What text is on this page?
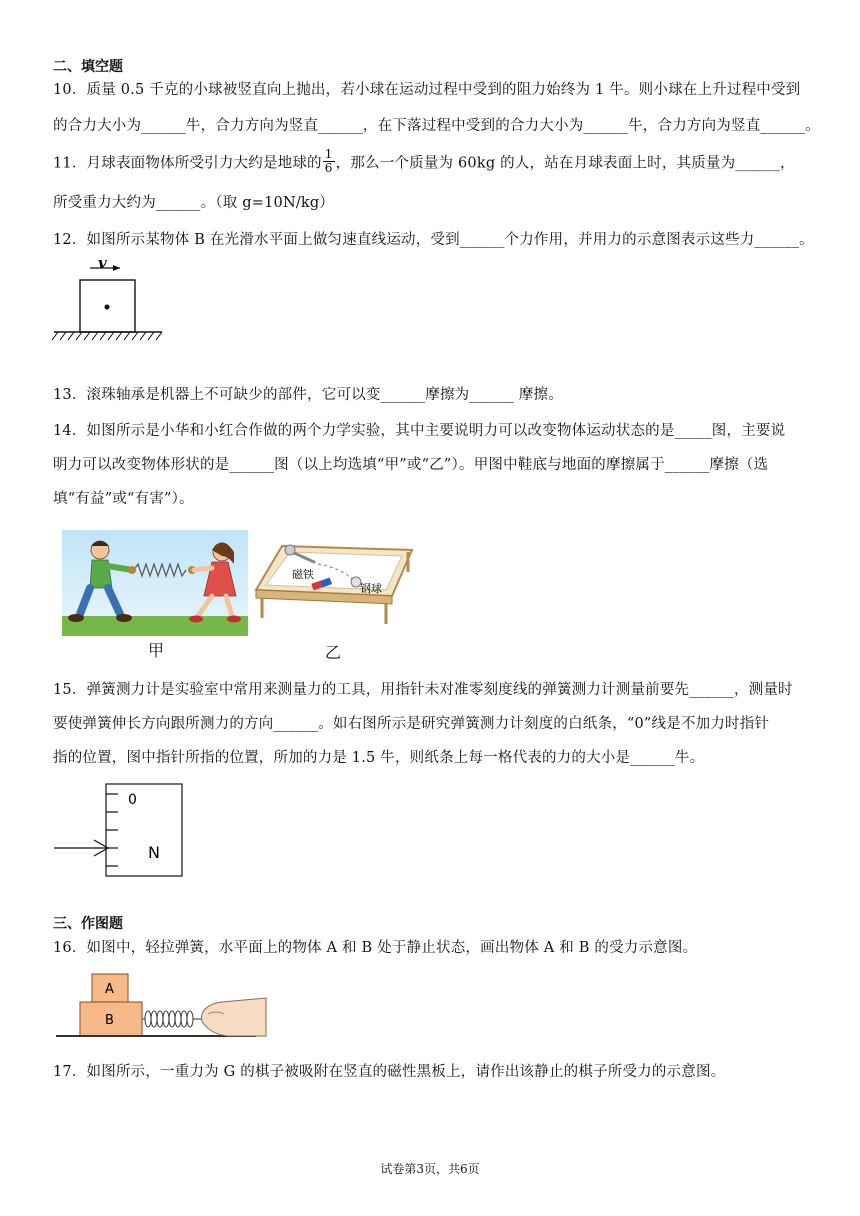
二、填空题
10．质量 0.5 千克的小球被竖直向上抛出，若小球在运动过程中受到的阻力始终为 1 牛。则小球在上升过程中受到
的合力大小为______牛，合力方向为竖直______，在下落过程中受到的合力大小为______牛，合力方向为竖直______。
11．月球表面物体所受引力大约是地球的 $\frac{1}{6}$ ，那么一个质量为 60kg 的人，站在月球表面上时，其质量为______，
所受重力大约为______。（取 g=10N/kg）
12．如图所示某物体 B 在光滑水平面上做匀速直线运动，受到______个力作用，并用力的示意图表示这些力______。
v
13．滚珠轴承是机器上不可缺少的部件，它可以变______摩擦为______ 摩擦。
14．如图所示是小华和小红合作做的两个力学实验，其中主要说明力可以改变物体运动状态的是_____图，主要说
明力可以改变物体形状的是______图（以上均选填“甲”或“乙”）。甲图中鞋底与地面的摩擦属于______摩擦（选
填“有益”或“有害”）。
甲
磁铁
钢球
乙
15．弹簧测力计是实验室中常用来测量力的工具，用指针未对准零刻度线的弹簧测力计测量前要先______，测量时
要使弹簧伸长方向跟所测力的方向______。如右图所示是研究弹簧测力计刻度的白纸条，“0”线是不加力时指针
指的位置，图中指针所指的位置，所加的力是 1.5 牛，则纸条上每一格代表的力的大小是______牛。
0
N
三、作图题
16．如图中，轻拉弹簧，水平面上的物体 A 和 B 处于静止状态，画出物体 A 和 B 的受力示意图。
A
B
17．如图所示，一重力为 G 的棋子被吸附在竖直的磁性黑板上，请作出该静止的棋子所受力的示意图。
试卷第3页，共6页
